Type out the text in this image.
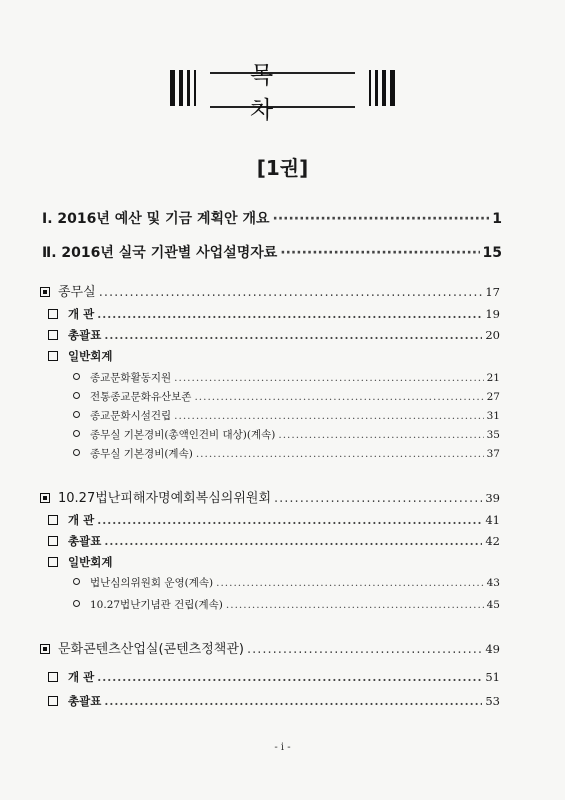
목 차
[1권]
Ⅰ. 2016년 예산 및 기금 계획안 개요 ·····	1
Ⅱ. 2016년 실국 기관별 사업설명자료 ·····	15
종무실 .....	17
개 관 .....	19
총괄표 .....	20
일반회계
종교문화활동지원 .....	21
전통종교문화유산보존 .....	27
종교문화시설건립 .....	31
종무실 기본경비(총액인건비 대상)(계속) .....	35
종무실 기본경비(계속) .....	37
10.27법난피해자명예회복심의위원회 .....	39
개 관 .....	41
총괄표 .....	42
일반회계
법난심의위원회 운영(계속) .....	43
10.27법난기념관 건립(계속) .....	45
문화콘텐츠산업실(콘텐츠정책관) .....	49
개 관 .....	51
총괄표 .....	53
- i -
